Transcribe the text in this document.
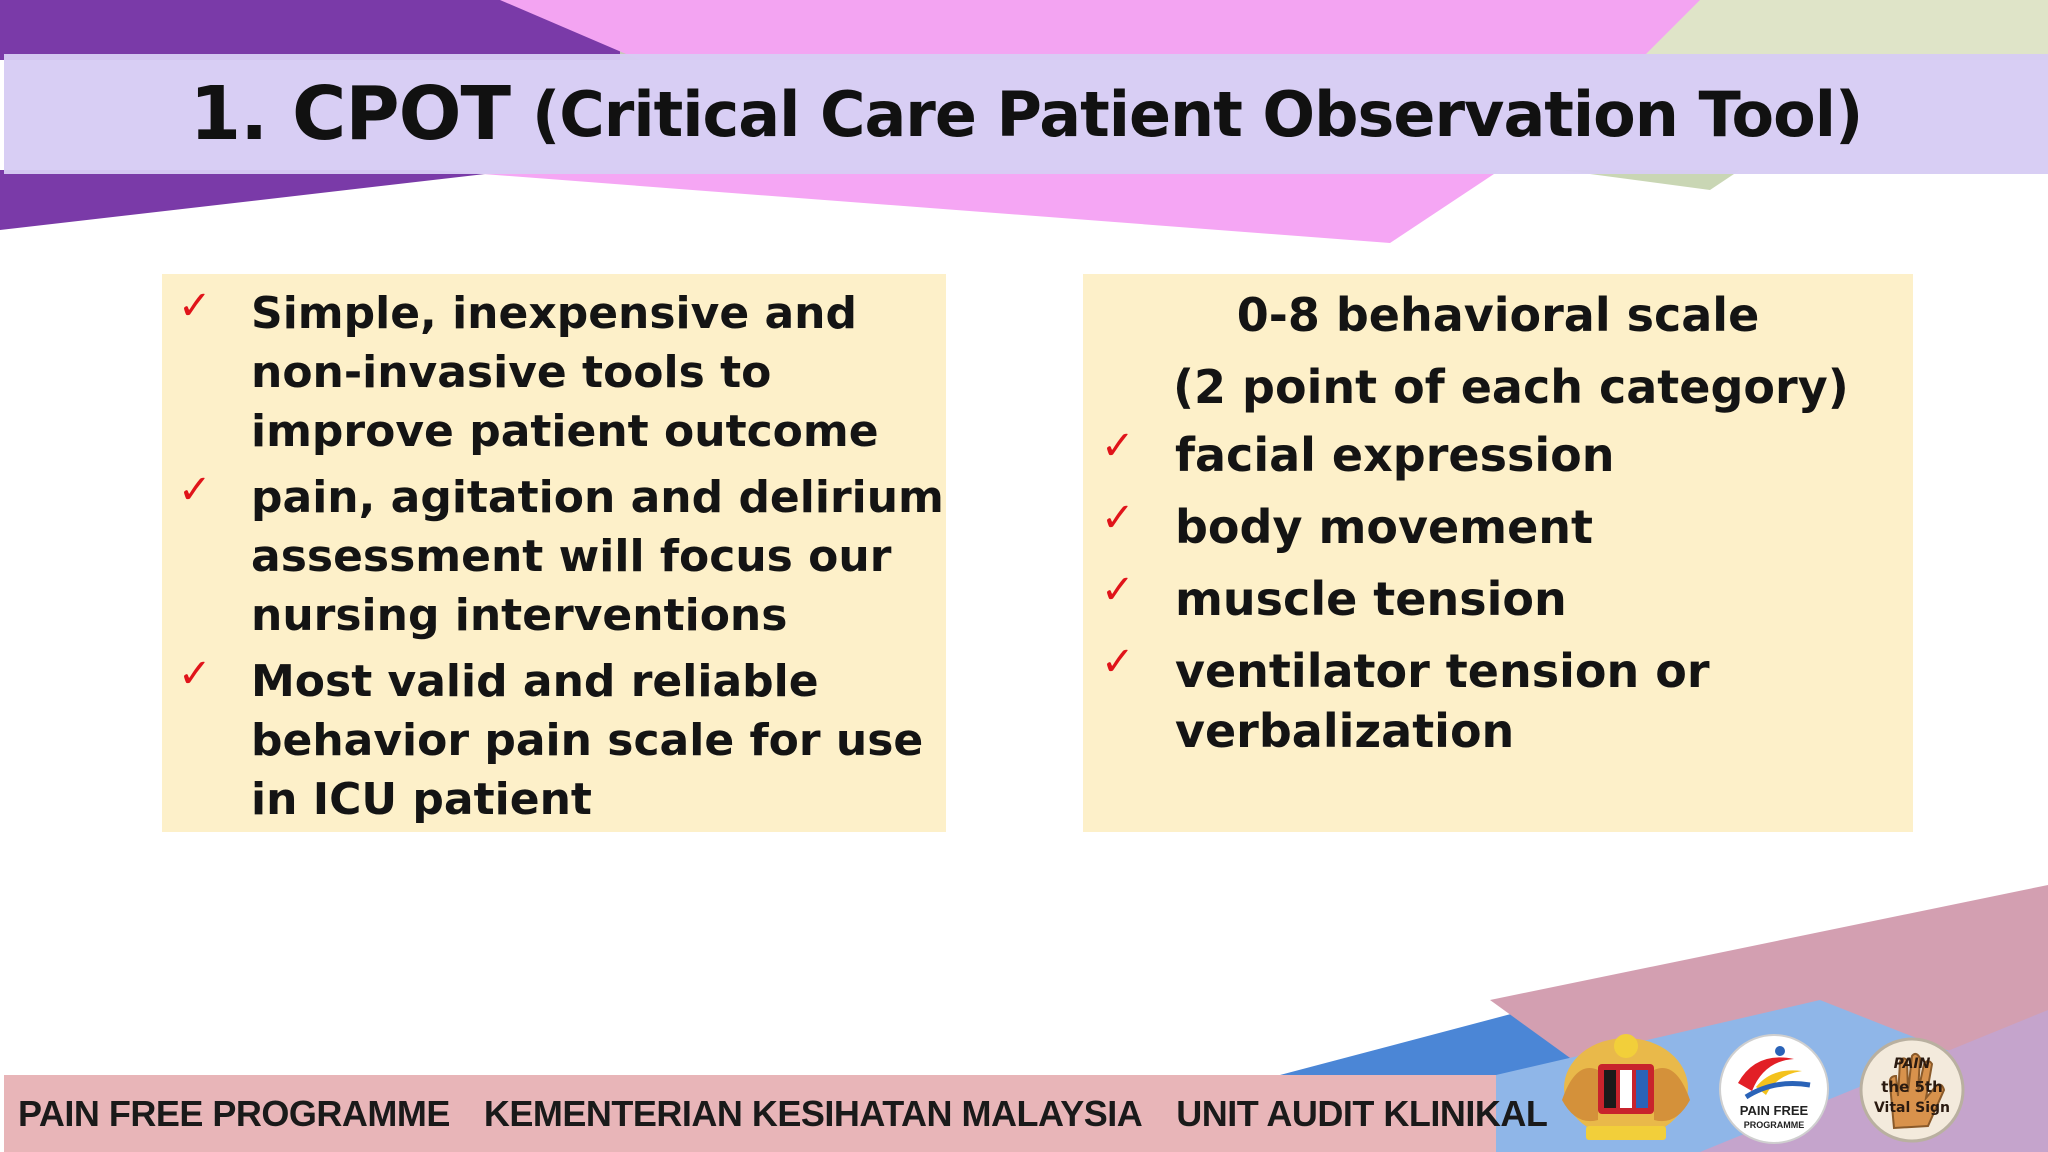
1. CPOT (Critical Care Patient Observation Tool)
✓ Simple, inexpensive and
non-invasive tools to
improve patient outcome
✓ pain, agitation and delirium
assessment will focus our
nursing interventions
✓ Most valid and reliable
behavior pain scale for use
in ICU patient
0-8 behavioral scale
(2 point of each category)
✓ facial expression
✓ body movement
✓ muscle tension
✓ ventilator tension or
verbalization
PAIN FREE PROGRAMME KEMENTERIAN KESIHATAN MALAYSIA UNIT AUDIT KLINIKAL	PAIN FREE
PROGRAMME
PAIN
the 5th
Vital Sign
